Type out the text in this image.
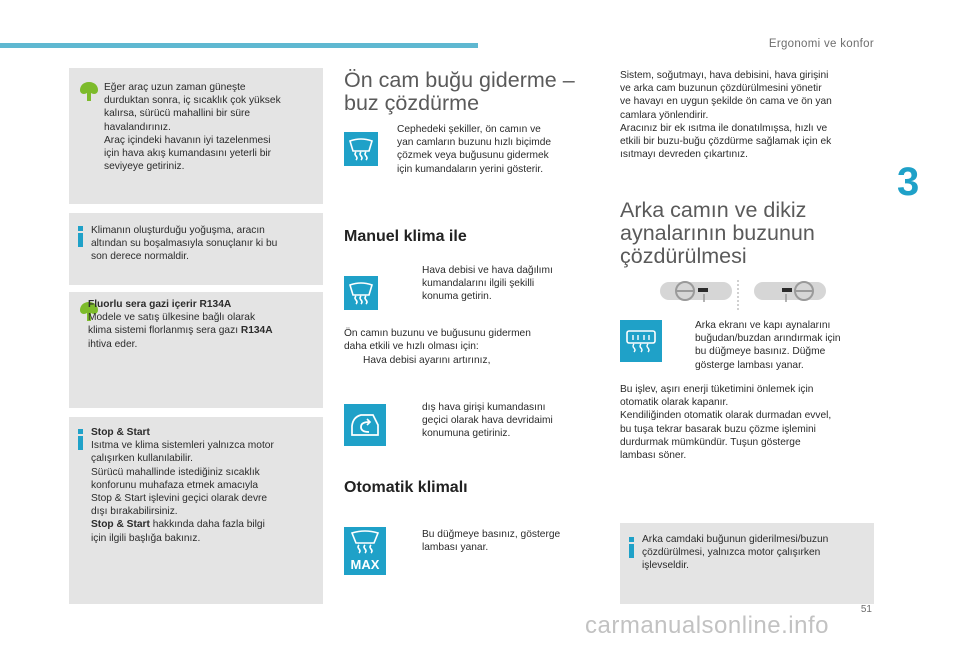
Ergonomi ve konfor
3
51
Eğer araç uzun zaman güneşte
durduktan sonra, iç sıcaklık çok yüksek
kalırsa, sürücü mahallini bir süre
havalandırınız.
Araç içindeki havanın iyi tazelenmesi
için hava akış kumandasını yeterli bir
seviyeye getiriniz.
Klimanın oluşturduğu yoğuşma, aracın
altından su boşalmasıyla sonuçlanır ki bu
son derece normaldir.
Fluorlu sera gazi içerir R134A
Modele ve satış ülkesine bağlı olarak
klima sistemi florlanmış sera gazı R134A
ihtiva eder.
Stop & Start
Isıtma ve klima sistemleri yalnızca motor
çalışırken kullanılabilir.
Sürücü mahallinde istediğiniz sıcaklık
konforunu muhafaza etmek amacıyla
Stop & Start işlevini geçici olarak devre
dışı bırakabilirsiniz.
Stop & Start hakkında daha fazla bilgi
için ilgili başlığa bakınız.
Ön cam buğu giderme –
buz çözdürme
Cephedeki şekiller, ön camın ve
yan camların buzunu hızlı biçimde
çözmek veya buğusunu gidermek
için kumandaların yerini gösterir.
Manuel klima ile
Hava debisi ve hava dağılımı
kumandalarını ilgili şekilli
konuma getirin.
Ön camın buzunu ve buğusunu gidermen
daha etkili ve hızlı olması için:
Hava debisi ayarını artırınız,
dış hava girişi kumandasını
geçici olarak hava devridaimi
konumuna getiriniz.
Otomatik klimalı
MAX
Bu düğmeye basınız, gösterge
lambası yanar.
Sistem, soğutmayı, hava debisini, hava girişini
ve arka cam buzunun çözdürülmesini yönetir
ve havayı en uygun şekilde ön cama ve ön yan
camlara yönlendirir.
Aracınız bir ek ısıtma ile donatılmışsa, hızlı ve
etkili bir buzu-buğu çözdürme sağlamak için ek
ısıtmayı devreden çıkartınız.
Arka camın ve dikiz
aynalarının buzunun
çözdürülmesi
Arka ekranı ve kapı aynalarını
buğudan/buzdan arındırmak için
bu düğmeye basınız. Düğme
gösterge lambası yanar.
Bu işlev, aşırı enerji tüketimini önlemek için
otomatik olarak kapanır.
Kendiliğinden otomatik olarak durmadan evvel,
bu tuşa tekrar basarak buzu çözme işlemini
durdurmak mümkündür. Tuşun gösterge
lambası söner.
Arka camdaki buğunun giderilmesi/buzun
çözdürülmesi, yalnızca motor çalışırken
işlevseldir.
carmanualsonline.info
